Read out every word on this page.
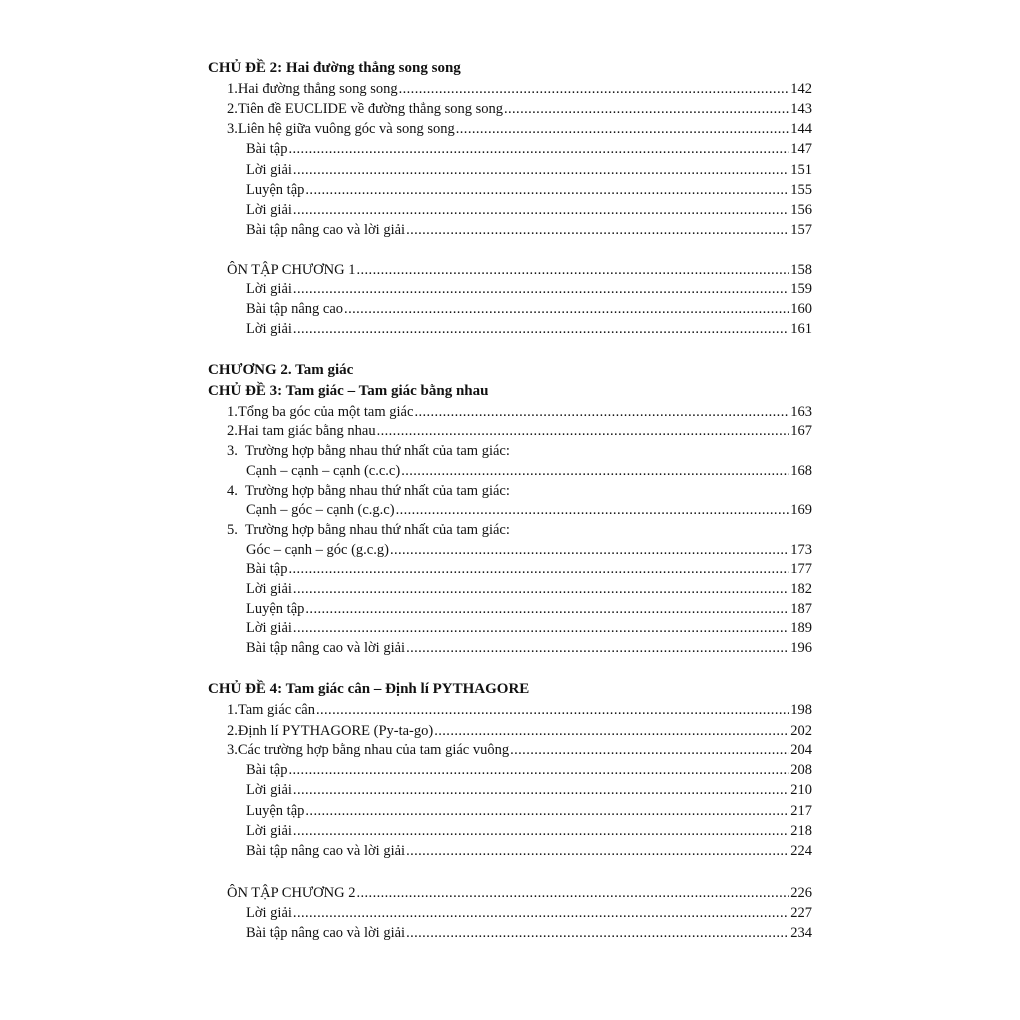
CHỦ ĐỀ 2: Hai đường thẳng song song
1. Hai đường thẳng song song .....	142
2. Tiên đề EUCLIDE về đường thẳng song song .....	143
3. Liên hệ giữa vuông góc và song song .....	144
Bài tập .....	147
Lời giải .....	151
Luyện tập .....	155
Lời giải .....	156
Bài tập nâng cao và lời giải .....	157
ÔN TẬP CHƯƠNG 1 .....	158
Lời giải .....	159
Bài tập nâng cao .....	160
Lời giải .....	161
CHƯƠNG 2. Tam giác
CHỦ ĐỀ 3: Tam giác – Tam giác bằng nhau
1. Tổng ba góc của một tam giác .....	163
2. Hai tam giác bằng nhau .....	167
3. Trường hợp bằng nhau thứ nhất của tam giác:
Cạnh – cạnh – cạnh (c.c.c) .....	168
4. Trường hợp bằng nhau thứ nhất của tam giác:
Cạnh – góc – cạnh (c.g.c) .....	169
5. Trường hợp bằng nhau thứ nhất của tam giác:
Góc – cạnh – góc (g.c.g) .....	173
Bài tập .....	177
Lời giải .....	182
Luyện tập .....	187
Lời giải .....	189
Bài tập nâng cao và lời giải .....	196
CHỦ ĐỀ 4: Tam giác cân – Định lí PYTHAGORE
1. Tam giác cân .....	198
2. Định lí PYTHAGORE (Py-ta-go) .....	202
3. Các trường hợp bằng nhau của tam giác vuông .....	204
Bài tập .....	208
Lời giải .....	210
Luyện tập .....	217
Lời giải .....	218
Bài tập nâng cao và lời giải .....	224
ÔN TẬP CHƯƠNG 2 .....	226
Lời giải .....	227
Bài tập nâng cao và lời giải .....	234
